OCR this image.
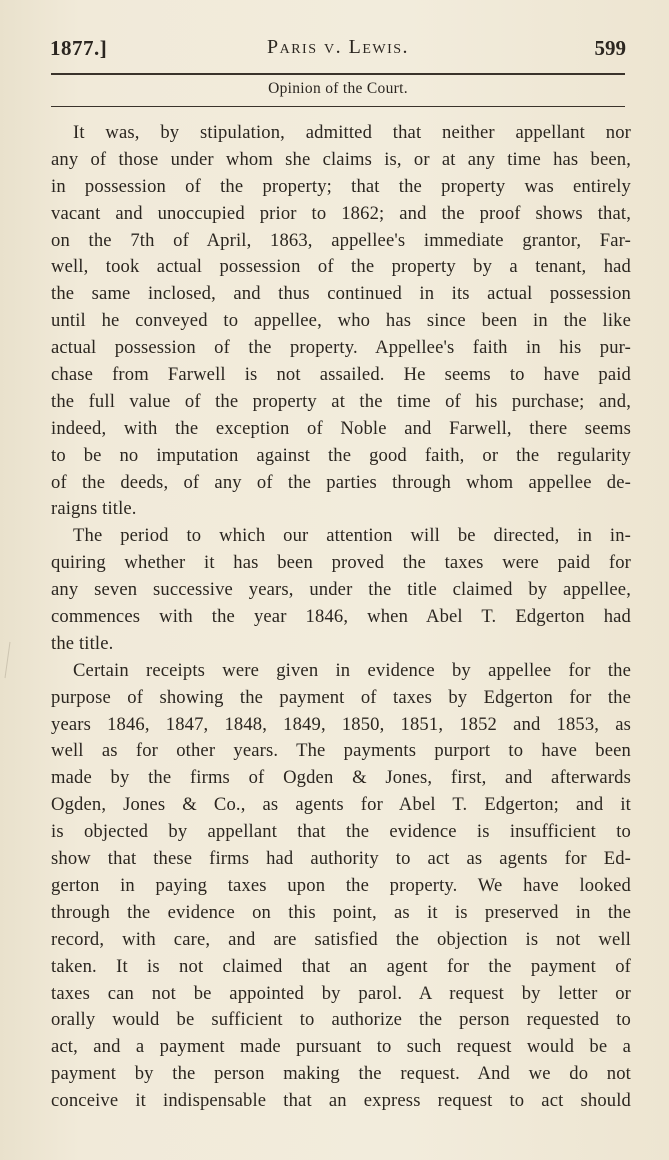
1877.]	Paris v. Lewis.	599
Opinion of the Court.
It was, by stipulation, admitted that neither appellant nor
any of those under whom she claims is, or at any time has been,
in possession of the property; that the property was entirely
vacant and unoccupied prior to 1862; and the proof shows that,
on the 7th of April, 1863, appellee's immediate grantor, Far-
well, took actual possession of the property by a tenant, had
the same inclosed, and thus continued in its actual possession
until he conveyed to appellee, who has since been in the like
actual possession of the property. Appellee's faith in his pur-
chase from Farwell is not assailed. He seems to have paid
the full value of the property at the time of his purchase; and,
indeed, with the exception of Noble and Farwell, there seems
to be no imputation against the good faith, or the regularity
of the deeds, of any of the parties through whom appellee de-
raigns title.
The period to which our attention will be directed, in in-
quiring whether it has been proved the taxes were paid for
any seven successive years, under the title claimed by appellee,
commences with the year 1846, when Abel T. Edgerton had
the title.
Certain receipts were given in evidence by appellee for the
purpose of showing the payment of taxes by Edgerton for the
years 1846, 1847, 1848, 1849, 1850, 1851, 1852 and 1853, as
well as for other years. The payments purport to have been
made by the firms of Ogden & Jones, first, and afterwards
Ogden, Jones & Co., as agents for Abel T. Edgerton; and it
is objected by appellant that the evidence is insufficient to
show that these firms had authority to act as agents for Ed-
gerton in paying taxes upon the property. We have looked
through the evidence on this point, as it is preserved in the
record, with care, and are satisfied the objection is not well
taken. It is not claimed that an agent for the payment of
taxes can not be appointed by parol. A request by letter or
orally would be sufficient to authorize the person requested to
act, and a payment made pursuant to such request would be a
payment by the person making the request. And we do not
conceive it indispensable that an express request to act should
